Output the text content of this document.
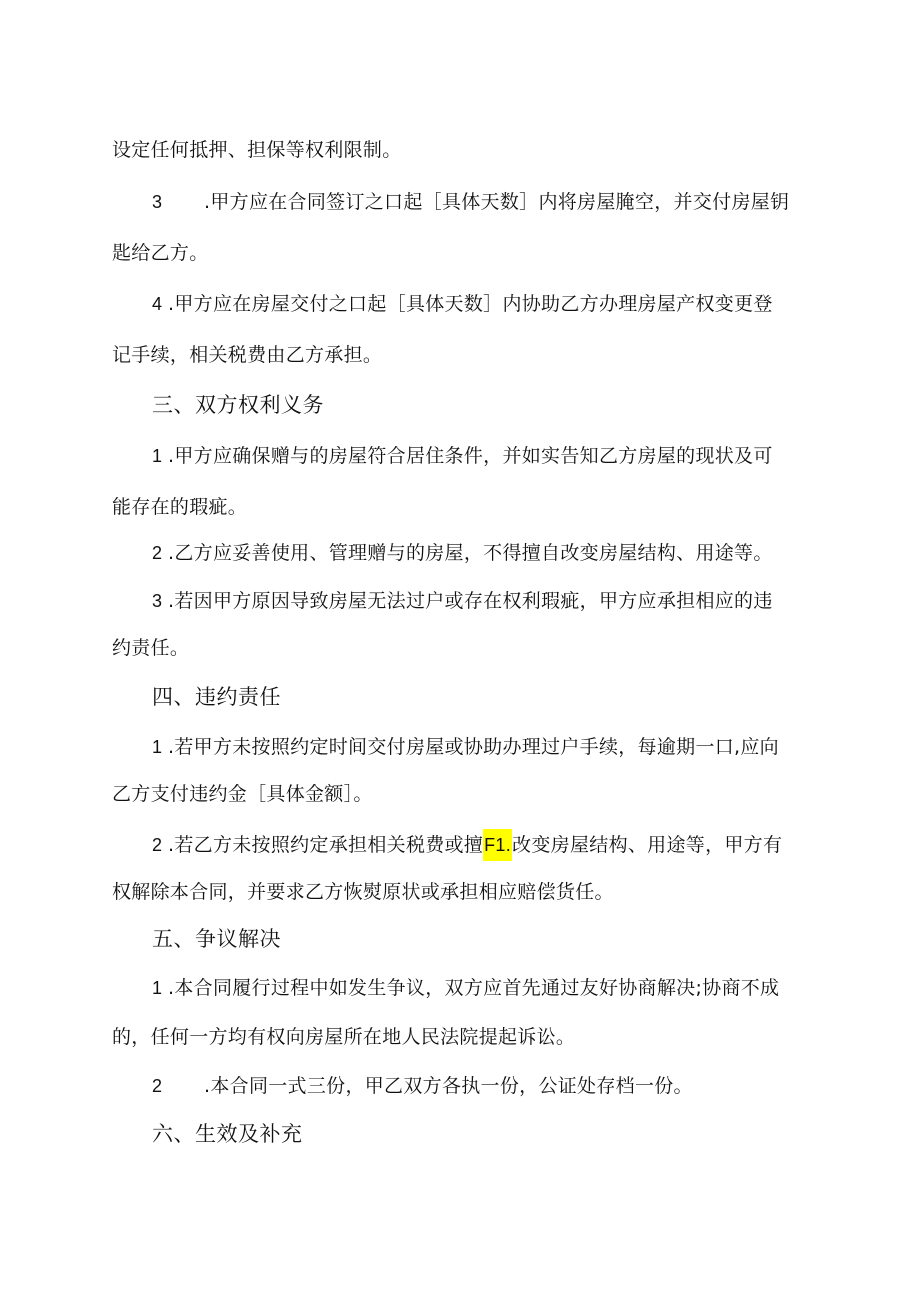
设定任何抵押、担保等权利限制。
3 .甲方应在合同签订之口起［具体天数］内将房屋腌空，并交付房屋钥
匙给乙方。
4 .甲方应在房屋交付之口起［具体天数］内协助乙方办理房屋产权变更登
记手续，相关税费由乙方承担。
三、双方权利义务
1 .甲方应确保赠与的房屋符合居住条件，并如实告知乙方房屋的现状及可
能存在的瑕疵。
2 .乙方应妥善使用、管理赠与的房屋，不得擅自改变房屋结构、用途等。
3 .若因甲方原因导致房屋无法过户或存在权利瑕疵，甲方应承担相应的违
约责任。
四、违约责任
1 .若甲方未按照约定时间交付房屋或协助办理过户手续，每逾期一口,应向
乙方支付违约金［具体金额］。
2 .若乙方未按照约定承担相关税费或擅F1.改变房屋结构、用途等，甲方有
权解除本合同，并要求乙方恢熨原状或承担相应赔偿货任。
五、争议解决
1 .本合同履行过程中如发生争议，双方应首先通过友好协商解决;协商不成
的，任何一方均有权向房屋所在地人民法院提起诉讼。
2 .本合同一式三份，甲乙双方各执一份，公证处存档一份。
六、生效及补充
